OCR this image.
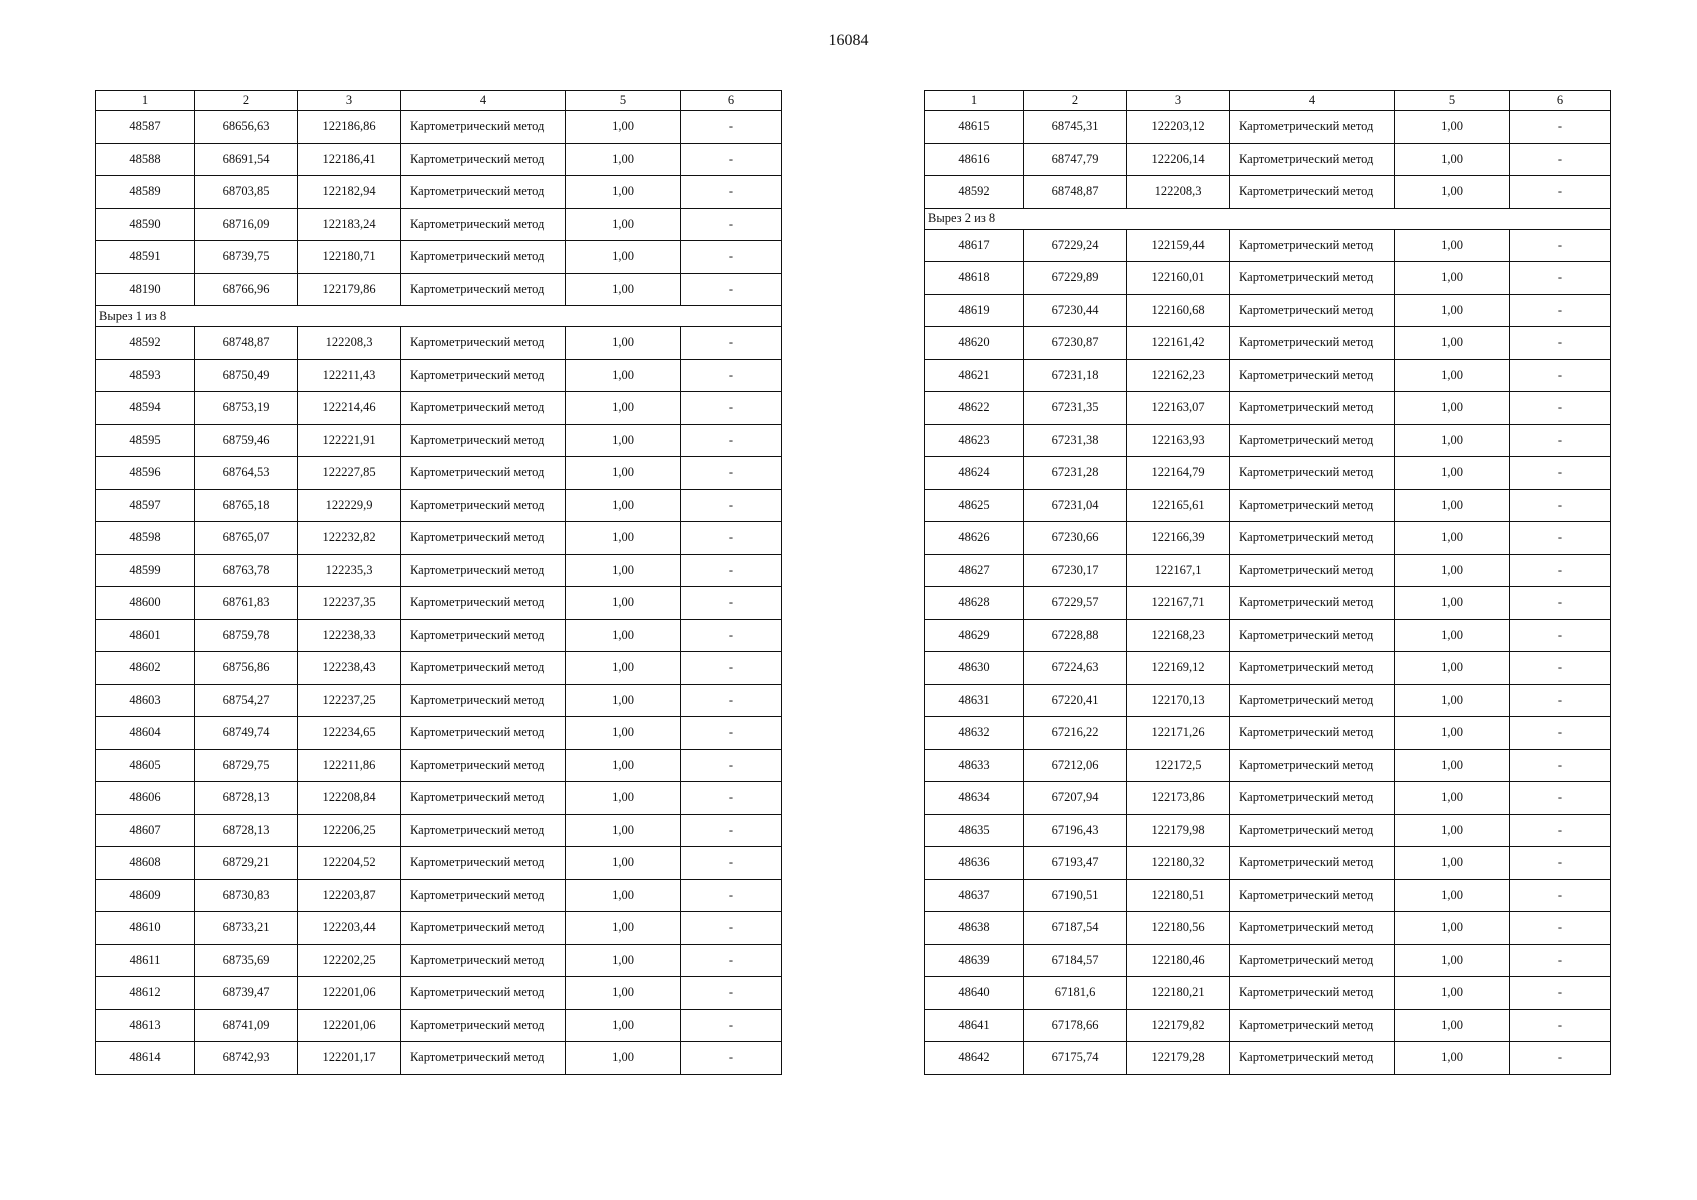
16084
1	2	3	4	5	6
48587	68656,63	122186,86	Картометрический метод	1,00	-
48588	68691,54	122186,41	Картометрический метод	1,00	-
48589	68703,85	122182,94	Картометрический метод	1,00	-
48590	68716,09	122183,24	Картометрический метод	1,00	-
48591	68739,75	122180,71	Картометрический метод	1,00	-
48190	68766,96	122179,86	Картометрический метод	1,00	-
Вырез 1 из 8					
48592	68748,87	122208,3	Картометрический метод	1,00	-
48593	68750,49	122211,43	Картометрический метод	1,00	-
48594	68753,19	122214,46	Картометрический метод	1,00	-
48595	68759,46	122221,91	Картометрический метод	1,00	-
48596	68764,53	122227,85	Картометрический метод	1,00	-
48597	68765,18	122229,9	Картометрический метод	1,00	-
48598	68765,07	122232,82	Картометрический метод	1,00	-
48599	68763,78	122235,3	Картометрический метод	1,00	-
48600	68761,83	122237,35	Картометрический метод	1,00	-
48601	68759,78	122238,33	Картометрический метод	1,00	-
48602	68756,86	122238,43	Картометрический метод	1,00	-
48603	68754,27	122237,25	Картометрический метод	1,00	-
48604	68749,74	122234,65	Картометрический метод	1,00	-
48605	68729,75	122211,86	Картометрический метод	1,00	-
48606	68728,13	122208,84	Картометрический метод	1,00	-
48607	68728,13	122206,25	Картометрический метод	1,00	-
48608	68729,21	122204,52	Картометрический метод	1,00	-
48609	68730,83	122203,87	Картометрический метод	1,00	-
48610	68733,21	122203,44	Картометрический метод	1,00	-
48611	68735,69	122202,25	Картометрический метод	1,00	-
48612	68739,47	122201,06	Картометрический метод	1,00	-
48613	68741,09	122201,06	Картометрический метод	1,00	-
48614	68742,93	122201,17	Картометрический метод	1,00	-
1	2	3	4	5	6
48615	68745,31	122203,12	Картометрический метод	1,00	-
48616	68747,79	122206,14	Картометрический метод	1,00	-
48592	68748,87	122208,3	Картометрический метод	1,00	-
Вырез 2 из 8					
48617	67229,24	122159,44	Картометрический метод	1,00	-
48618	67229,89	122160,01	Картометрический метод	1,00	-
48619	67230,44	122160,68	Картометрический метод	1,00	-
48620	67230,87	122161,42	Картометрический метод	1,00	-
48621	67231,18	122162,23	Картометрический метод	1,00	-
48622	67231,35	122163,07	Картометрический метод	1,00	-
48623	67231,38	122163,93	Картометрический метод	1,00	-
48624	67231,28	122164,79	Картометрический метод	1,00	-
48625	67231,04	122165,61	Картометрический метод	1,00	-
48626	67230,66	122166,39	Картометрический метод	1,00	-
48627	67230,17	122167,1	Картометрический метод	1,00	-
48628	67229,57	122167,71	Картометрический метод	1,00	-
48629	67228,88	122168,23	Картометрический метод	1,00	-
48630	67224,63	122169,12	Картометрический метод	1,00	-
48631	67220,41	122170,13	Картометрический метод	1,00	-
48632	67216,22	122171,26	Картометрический метод	1,00	-
48633	67212,06	122172,5	Картометрический метод	1,00	-
48634	67207,94	122173,86	Картометрический метод	1,00	-
48635	67196,43	122179,98	Картометрический метод	1,00	-
48636	67193,47	122180,32	Картометрический метод	1,00	-
48637	67190,51	122180,51	Картометрический метод	1,00	-
48638	67187,54	122180,56	Картометрический метод	1,00	-
48639	67184,57	122180,46	Картометрический метод	1,00	-
48640	67181,6	122180,21	Картометрический метод	1,00	-
48641	67178,66	122179,82	Картометрический метод	1,00	-
48642	67175,74	122179,28	Картометрический метод	1,00	-
